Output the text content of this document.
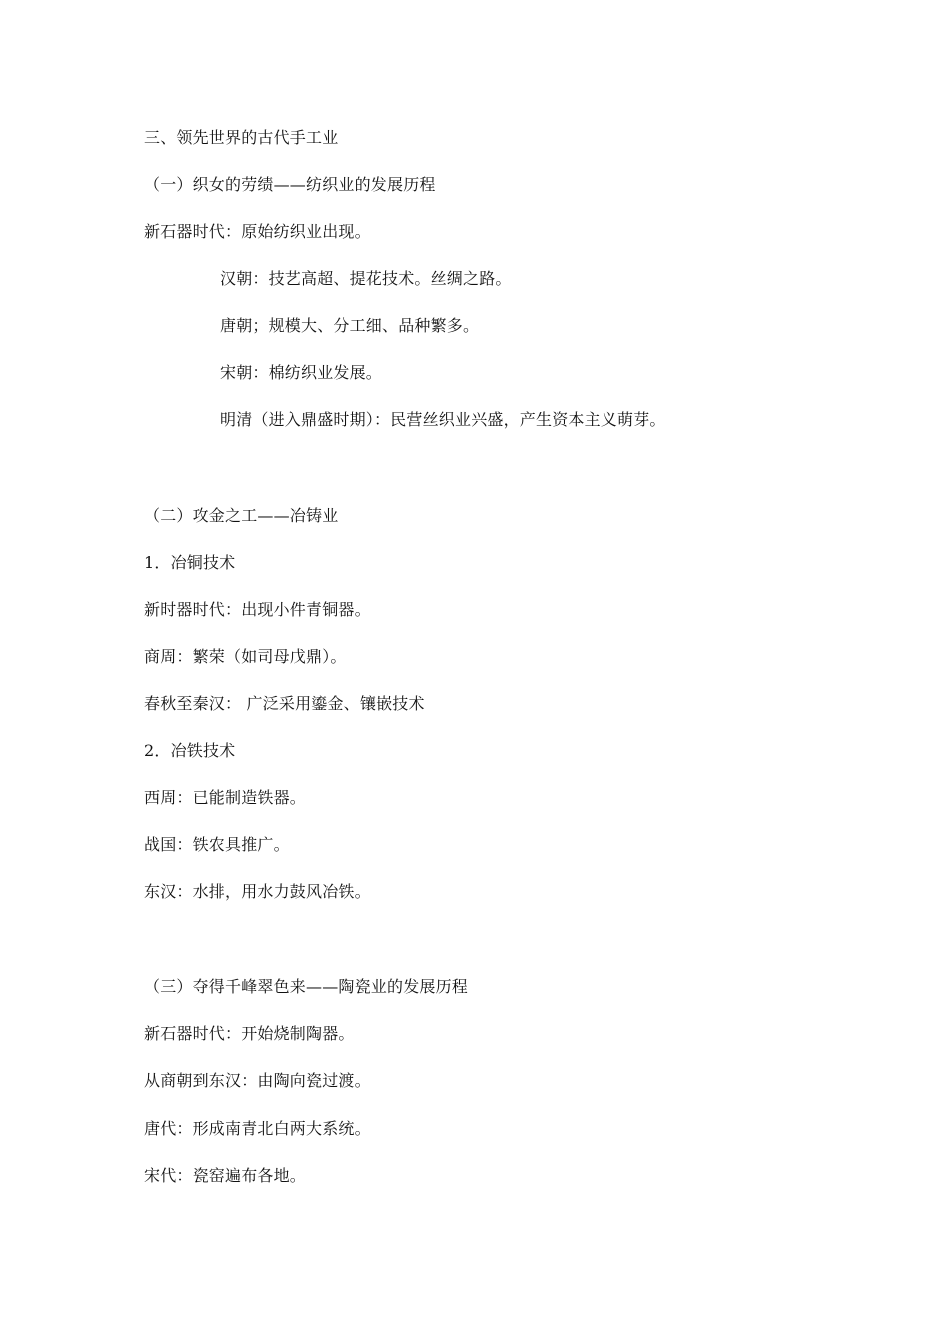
三、领先世界的古代手工业
（一）织女的劳绩——纺织业的发展历程
新石器时代：原始纺织业出现。
汉朝：技艺高超、提花技术。丝绸之路。
唐朝；规模大、分工细、品种繁多。
宋朝：棉纺织业发展。
明清（进入鼎盛时期）：民营丝织业兴盛，产生资本主义萌芽。
（二）攻金之工——冶铸业
1．冶铜技术
新时器时代：出现小件青铜器。
商周：繁荣（如司母戊鼎）。
春秋至秦汉： 广泛采用鎏金、镶嵌技术
2．冶铁技术
西周：已能制造铁器。
战国：铁农具推广。
东汉：水排，用水力鼓风冶铁。
（三）夺得千峰翠色来——陶瓷业的发展历程
新石器时代：开始烧制陶器。
从商朝到东汉：由陶向瓷过渡。
唐代：形成南青北白两大系统。
宋代：瓷窑遍布各地。
